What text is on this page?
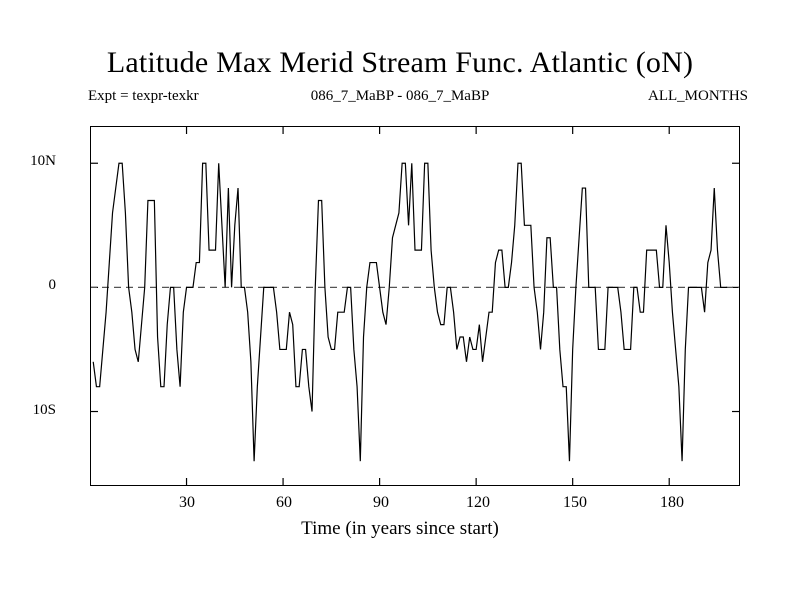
Latitude Max Merid Stream Func. Atlantic (oN)
Expt = texpr-texkr	086_7_MaBP - 086_7_MaBP	ALL_MONTHS
10N
0
10S
30	60	90	120	150	180
Time (in years since start)
